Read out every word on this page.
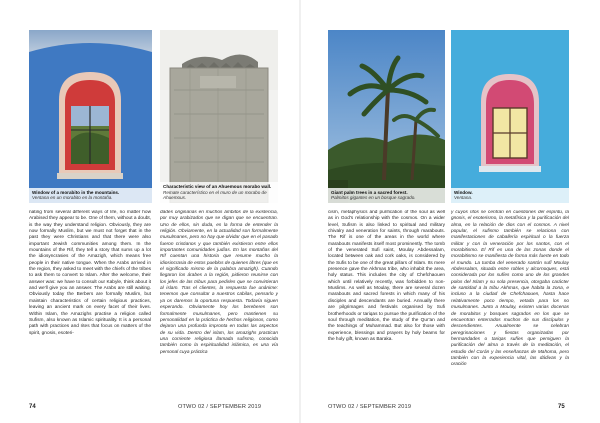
Window of a morabito in the mountains.
Ventana en un morabito en la montaña.
Characteristic view of an Ahuemous morabo wall.
Remate característico en el muro de un morabo de Ahuemous.
Giant palm trees in a sacred forest.
Palmitos gigantes en un bosque sagrado.
Window.
Ventana.
nating from several different ways of life, no matter how Arabised they appear to be. One of them, without a doubt, is the way they understand religion. Obviously, they are now formally Muslim, but we must not forget that in the past they were Christians and that there were also important Jewish communities among them. In the mountains of the Rif, they tell a story that sums up a lot the idiosyncrasies of the Amazigh, which means free people in their native tongue. When the Arabs arrived in the region, they asked to meet with the chiefs of the tribes to ask them to convert to Islam. After the welcome, their answer was: we have to consult our Kabyle, think about it and we'll give you an answer. The Arabs are still waiting. Obviously today the Berbers are formally Muslim, but maintain characteristics of certain religious practices, leaving an ancient mark on every facet of their lives. Within Islam, the Amazighs practise a religion called Sufism, also known as Islamic spirituality. It is a personal path with practices and rites that focus on matters of the spirit, gnosis, esoteri-
dades originarias en muchos ámbitos de la existencia, por muy arabizados que se digan que se encuentran. Uno de ellos, sin duda, es la forma de entender la religión. Obviamente, en la actualidad son formalmente musulmanes, pero no hay que olvidar que en el pasado fueron cristianos y que también existieron entre ellos importantes comunidades judías. En las montañas del Rif cuentan una historia que resume mucho la idiosincrasia de estos pueblos de quienes libres (que es el significado mismo de la palabra amazigh). Cuando llegaron los árabes a la región, pidieron reunirse con los jefes de las tribus para pedirles que se convirtieran al islam. Tras el clientes, la respuesta fue unánime: tenemos que consultar a nuestros cabilas, pensarlo y ya os daremos la oportuna respuesta. Todavía siguen esperando. Obviamente hoy los bereberes son formalmente musulmanes, pero mantienen su personalidad en la práctica de hechos religiosos, como dejaron una profunda impronta en todas las aspectos de su vida. Dentro del islam, los amazighs practican una corriente religiosa llamada sufismo, conocida también como la espiritualidad islámica, es una vía personal cuya práctica
cism, metaphysics and purification of the soul as well as in God's relationship with the cosmos. On a wider level, Sufism is also linked to spiritual and military chivalry and veneration for saints, through marabouts. The Rif is one of the areas in the world where marabouts manifests itself most prominently. The tomb of the venerated Sufi saint, Moulay Abdessalam, located between oak and cork oaks, is considered by the Sufis to be one of the great pillars of Islam. Its mere presence gave the Akhmas tribe, who inhabit the area, holy status. This includes the city of Chefchaouen which until relatively recently, was forbidden to non-Muslims. As well as Moulay, there are several dozen marabouts and sacred forests in which many of his disciples and descendants are buried. Annually there are pilgrimages and festivals organised by Sufi brotherhoods or tariqas to pursue the purification of the soul through meditation, the study of the Qur'an and the teachings of Muhammad. But also for those with experience, blessings and prayers by holy beams for the holy gift, known as Baraka.
y cuyos ritos se centran en cuestiones del espíritu, la gnosis, el esoterismo, la metafísica y la purificación del alma, en la relación de dios con el cosmos. A nivel popular, el sufismo también se relaciona con manifestaciones de caballería espiritual o la fuerza militar y con la veneración por los santos, con el morabitismo. El Rif es una de las zonas donde el morabitismo se manifiesta de forma más fuerte en todo el mundo. La tumba del venerado santón sufí Moulay Abdessalam, situada entre robles y alcornoques, está considerada por los sufíes como uno de los grandes polos del Islam y su sola presencia, otorgaba carácter de santidad a la tribu Akhmas, que habita la zona, e incluso a la ciudad de Chefchaouen, hasta hace relativamente poco tiempo, vetada para los no musulmanes. Junto a Moulay, existen varias docenas de morabitos y bosques sagrados en los que se encuentran enterrados muchos de sus discípulos y descendientes. Anualmente se celebran peregrinaciones y fiestas organizadas por hermandades o tariqas sufíes que persiguen la purificación del alma a través de la meditación, el estudio del Corán y las enseñanzas de Mahoma, pero también con la experiencia vital, las dádivas y la oración
74	OTWO 02 / SEPTEMBER 2019	OTWO 02 / SEPTEMBER 2019	75
